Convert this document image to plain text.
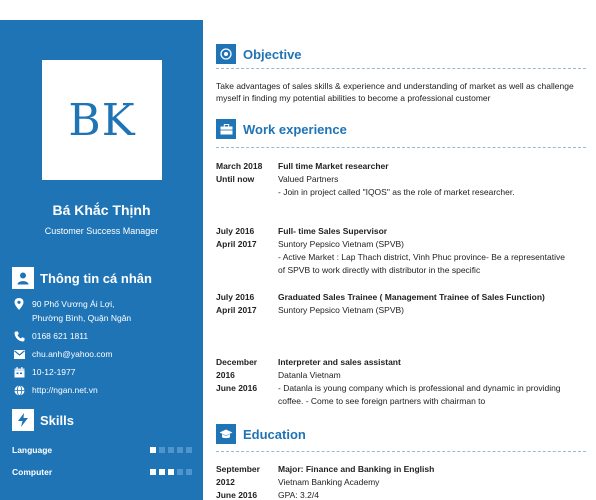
BK
Bá Khắc Thịnh
Customer Success Manager
Thông tin cá nhân
90 Phố Vương Ái Lợi,
Phường Bình, Quận Ngân
0168 621 1811
chu.anh@yahoo.com
10-12-1977
http://ngan.net.vn
Skills
Language
Computer
Objective
Take advantages of sales skills & experience and understanding of market as well as challenge myself in finding my potential abilities to become a professional customer
Work experience
March 2018
Until now
Full time Market researcher
Valued Partners
- Join in project called "IQOS" as the role of market researcher.
July 2016
April 2017
Full- time Sales Supervisor
Suntory Pepsico Vietnam (SPVB)
- Active Market : Lap Thach district, Vinh Phuc province- Be a representative of SPVB to work directly with distributor in the specific
July 2016
April 2017
Graduated Sales Trainee ( Management Trainee of Sales Function)
Suntory Pepsico Vietnam (SPVB)
December 2016
June 2016
Interpreter and sales assistant
Datanla Vietnam
- Datanla is young company which is professional and dynamic in providing coffee. - Come to see foreign partners with chairman to
Education
September 2012
June 2016
Major: Finance and Banking in English
Vietnam Banking Academy
GPA: 3.2/4
